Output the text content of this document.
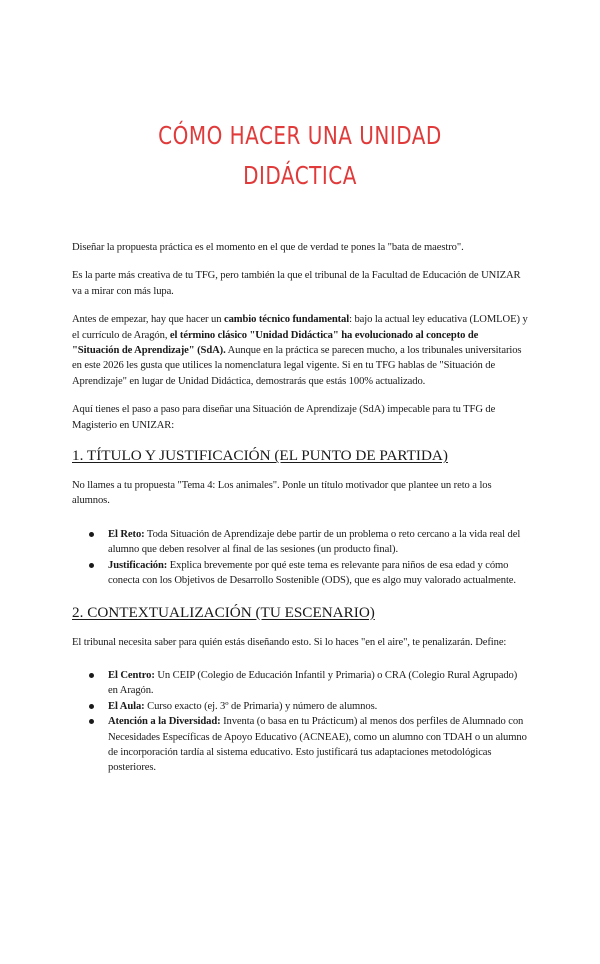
CÓMO HACER UNA UNIDAD DIDÁCTICA

Diseñar la propuesta práctica es el momento en el que de verdad te pones la "bata de maestro".

Es la parte más creativa de tu TFG, pero también la que el tribunal de la Facultad de Educación de UNIZAR va a mirar con más lupa.

Antes de empezar, hay que hacer un cambio técnico fundamental: bajo la actual ley educativa (LOMLOE) y el currículo de Aragón, el término clásico "Unidad Didáctica" ha evolucionado al concepto de "Situación de Aprendizaje" (SdA). Aunque en la práctica se parecen mucho, a los tribunales universitarios en este 2026 les gusta que utilices la nomenclatura legal vigente. Si en tu TFG hablas de "Situación de Aprendizaje" en lugar de Unidad Didáctica, demostrarás que estás 100% actualizado.

Aquí tienes el paso a paso para diseñar una Situación de Aprendizaje (SdA) impecable para tu TFG de Magisterio en UNIZAR:

1. TÍTULO Y JUSTIFICACIÓN (EL PUNTO DE PARTIDA)

No llames a tu propuesta "Tema 4: Los animales". Ponle un título motivador que plantee un reto a los alumnos.

El Reto: Toda Situación de Aprendizaje debe partir de un problema o reto cercano a la vida real del alumno que deben resolver al final de las sesiones (un producto final).
Justificación: Explica brevemente por qué este tema es relevante para niños de esa edad y cómo conecta con los Objetivos de Desarrollo Sostenible (ODS), que es algo muy valorado actualmente.
2. CONTEXTUALIZACIÓN (TU ESCENARIO)

El tribunal necesita saber para quién estás diseñando esto. Si lo haces "en el aire", te penalizarán. Define:

El Centro: Un CEIP (Colegio de Educación Infantil y Primaria) o CRA (Colegio Rural Agrupado) en Aragón.
El Aula: Curso exacto (ej. 3º de Primaria) y número de alumnos.
Atención a la Diversidad: Inventa (o basa en tu Prácticum) al menos dos perfiles de Alumnado con Necesidades Específicas de Apoyo Educativo (ACNEAE), como un alumno con TDAH o un alumno de incorporación tardía al sistema educativo. Esto justificará tus adaptaciones metodológicas posteriores.
